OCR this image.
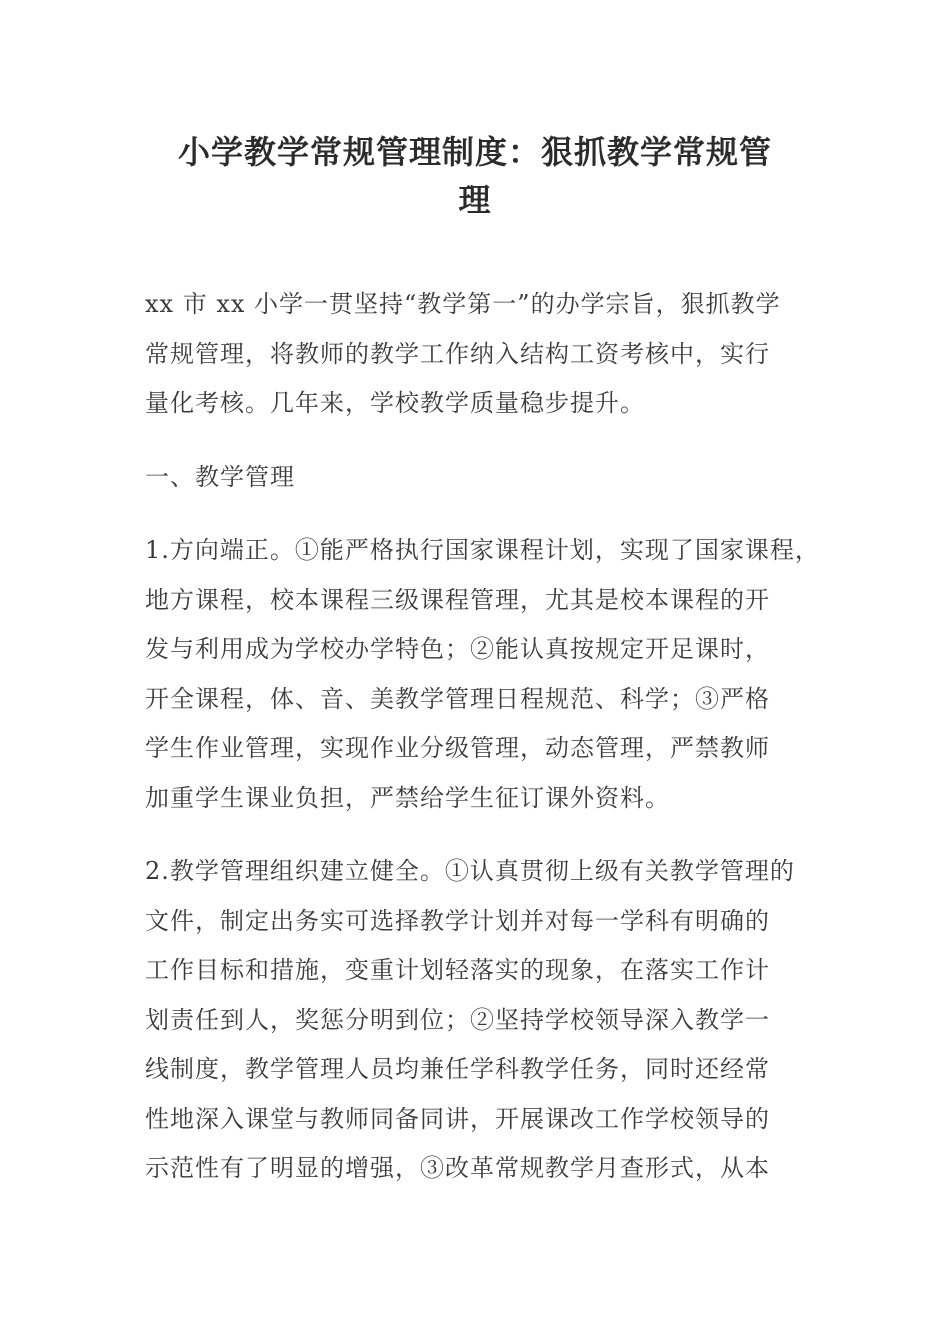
小学教学常规管理制度：狠抓教学常规管
理

xx 市 xx 小学一贯坚持“教学第一”的办学宗旨，狠抓教学
常规管理，将教师的教学工作纳入结构工资考核中，实行
量化考核。几年来，学校教学质量稳步提升。

一、教学管理

1.方向端正。①能严格执行国家课程计划，实现了国家课程，
地方课程，校本课程三级课程管理，尤其是校本课程的开
发与利用成为学校办学特色；②能认真按规定开足课时，
开全课程，体、音、美教学管理日程规范、科学；③严格
学生作业管理，实现作业分级管理，动态管理，严禁教师
加重学生课业负担，严禁给学生征订课外资料。

2.教学管理组织建立健全。①认真贯彻上级有关教学管理的
文件，制定出务实可选择教学计划并对每一学科有明确的
工作目标和措施，变重计划轻落实的现象，在落实工作计
划责任到人，奖惩分明到位；②坚持学校领导深入教学一
线制度，教学管理人员均兼任学科教学任务，同时还经常
性地深入课堂与教师同备同讲，开展课改工作学校领导的
示范性有了明显的增强，③改革常规教学月查形式，从本
